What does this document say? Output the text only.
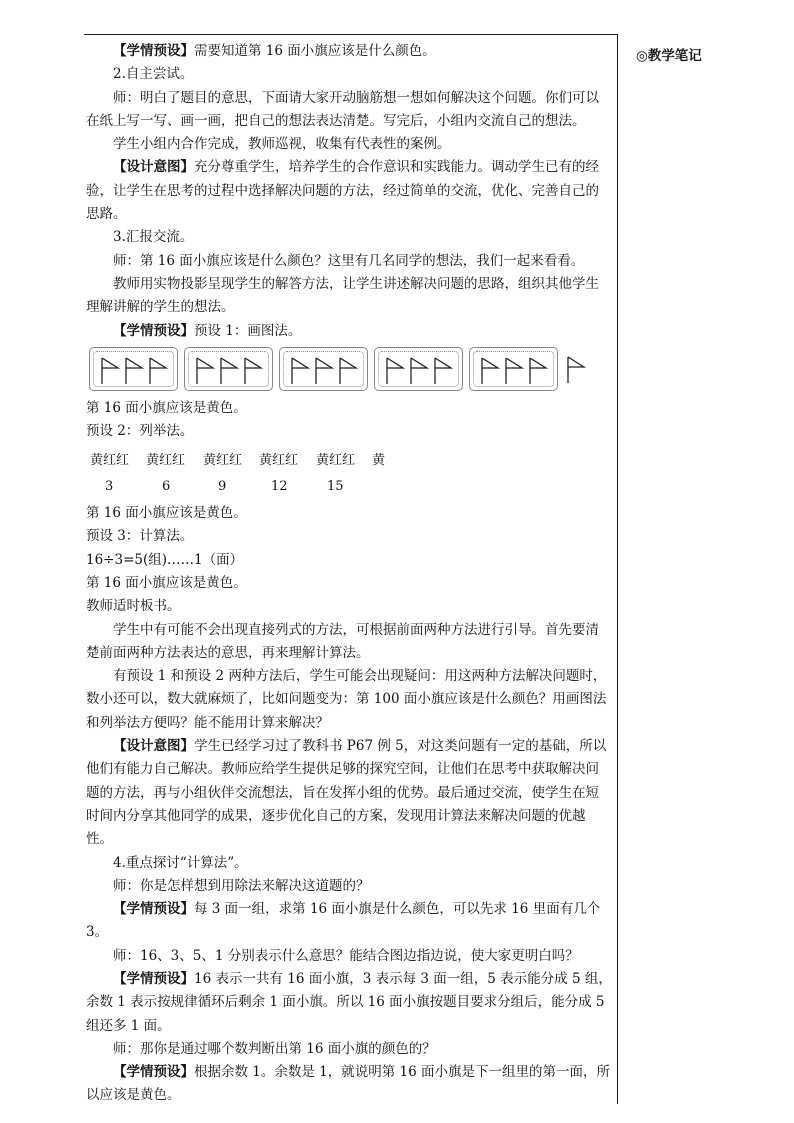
◎教学笔记

【学情预设】需要知道第 16 面小旗应该是什么颜色。

2.自主尝试。

师：明白了题目的意思，下面请大家开动脑筋想一想如何解决这个问题。你们可以在纸上写一写、画一画，把自己的想法表达清楚。写完后，小组内交流自己的想法。

学生小组内合作完成，教师巡视，收集有代表性的案例。

【设计意图】充分尊重学生，培养学生的合作意识和实践能力。调动学生已有的经验，让学生在思考的过程中选择解决问题的方法，经过简单的交流，优化、完善自己的思路。

3.汇报交流。

师：第 16 面小旗应该是什么颜色？这里有几名同学的想法，我们一起来看看。

教师用实物投影呈现学生的解答方法，让学生讲述解决问题的思路，组织其他学生理解讲解的学生的想法。

【学情预设】预设 1：画图法。

第 16 面小旗应该是黄色。

预设 2：列举法。

黄红红	黄红红	黄红红	黄红红	黄红红	黄
3	6	9	12	15

第 16 面小旗应该是黄色。

预设 3：计算法。

16÷3=5(组)……1（面）

第 16 面小旗应该是黄色。

教师适时板书。

学生中有可能不会出现直接列式的方法，可根据前面两种方法进行引导。首先要清楚前面两种方法表达的意思，再来理解计算法。

有预设 1 和预设 2 两种方法后，学生可能会出现疑问：用这两种方法解决问题时，数小还可以，数大就麻烦了，比如问题变为：第 100 面小旗应该是什么颜色？用画图法和列举法方便吗？能不能用计算来解决？

【设计意图】学生已经学习过了教科书 P67 例 5，对这类问题有一定的基础，所以他们有能力自己解决。教师应给学生提供足够的探究空间，让他们在思考中获取解决问题的方法，再与小组伙伴交流想法，旨在发挥小组的优势。最后通过交流，使学生在短时间内分享其他同学的成果，逐步优化自己的方案，发现用计算法来解决问题的优越性。

4.重点探讨“计算法”。

师：你是怎样想到用除法来解决这道题的？

【学情预设】每 3 面一组，求第 16 面小旗是什么颜色，可以先求 16 里面有几个 3。

师：16、3、5、1 分别表示什么意思？能结合图边指边说，使大家更明白吗？

【学情预设】16 表示一共有 16 面小旗，3 表示每 3 面一组，5 表示能分成 5 组，余数 1 表示按规律循环后剩余 1 面小旗。所以 16 面小旗按题目要求分组后，能分成 5 组还多 1 面。

师：那你是通过哪个数判断出第 16 面小旗的颜色的？

【学情预设】根据余数 1。余数是 1，就说明第 16 面小旗是下一组里的第一面，所以应该是黄色。
